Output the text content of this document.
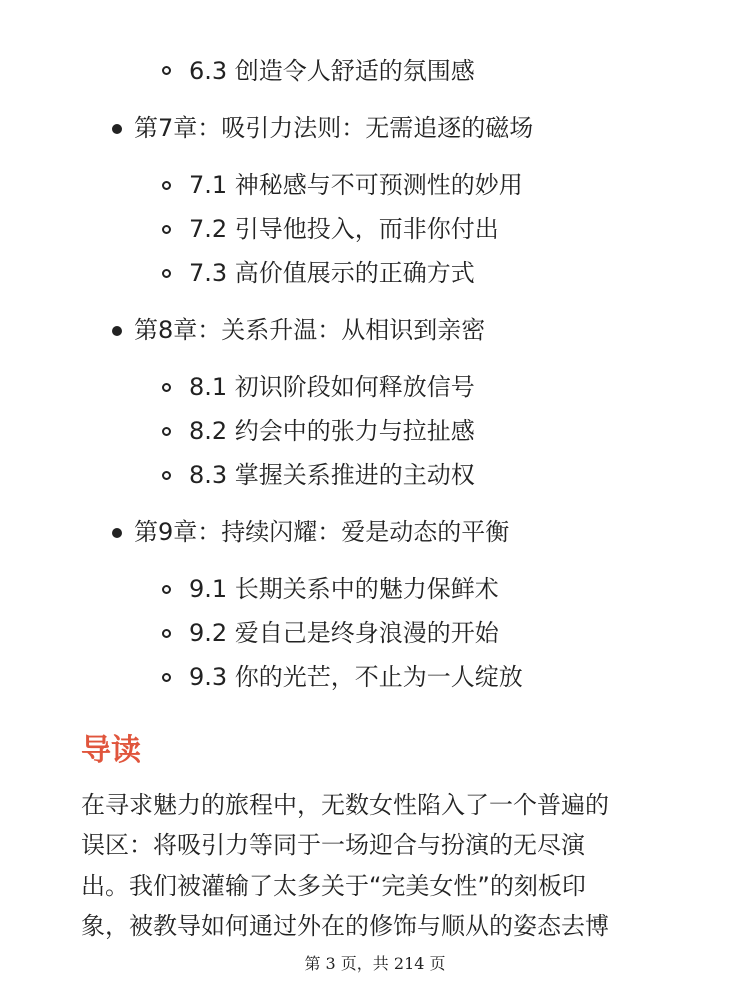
6.3 创造令人舒适的氛围感
第7章：吸引力法则：无需追逐的磁场
7.1 神秘感与不可预测性的妙用
7.2 引导他投入，而非你付出
7.3 高价值展示的正确方式
第8章：关系升温：从相识到亲密
8.1 初识阶段如何释放信号
8.2 约会中的张力与拉扯感
8.3 掌握关系推进的主动权
第9章：持续闪耀：爱是动态的平衡
9.1 长期关系中的魅力保鲜术
9.2 爱自己是终身浪漫的开始
9.3 你的光芒，不止为一人绽放
导读
在寻求魅力的旅程中，无数女性陷入了一个普遍的
误区：将吸引力等同于一场迎合与扮演的无尽演
出。我们被灌输了太多关于“完美女性”的刻板印
象，被教导如何通过外在的修饰与顺从的姿态去博
第 3 页，共 214 页
